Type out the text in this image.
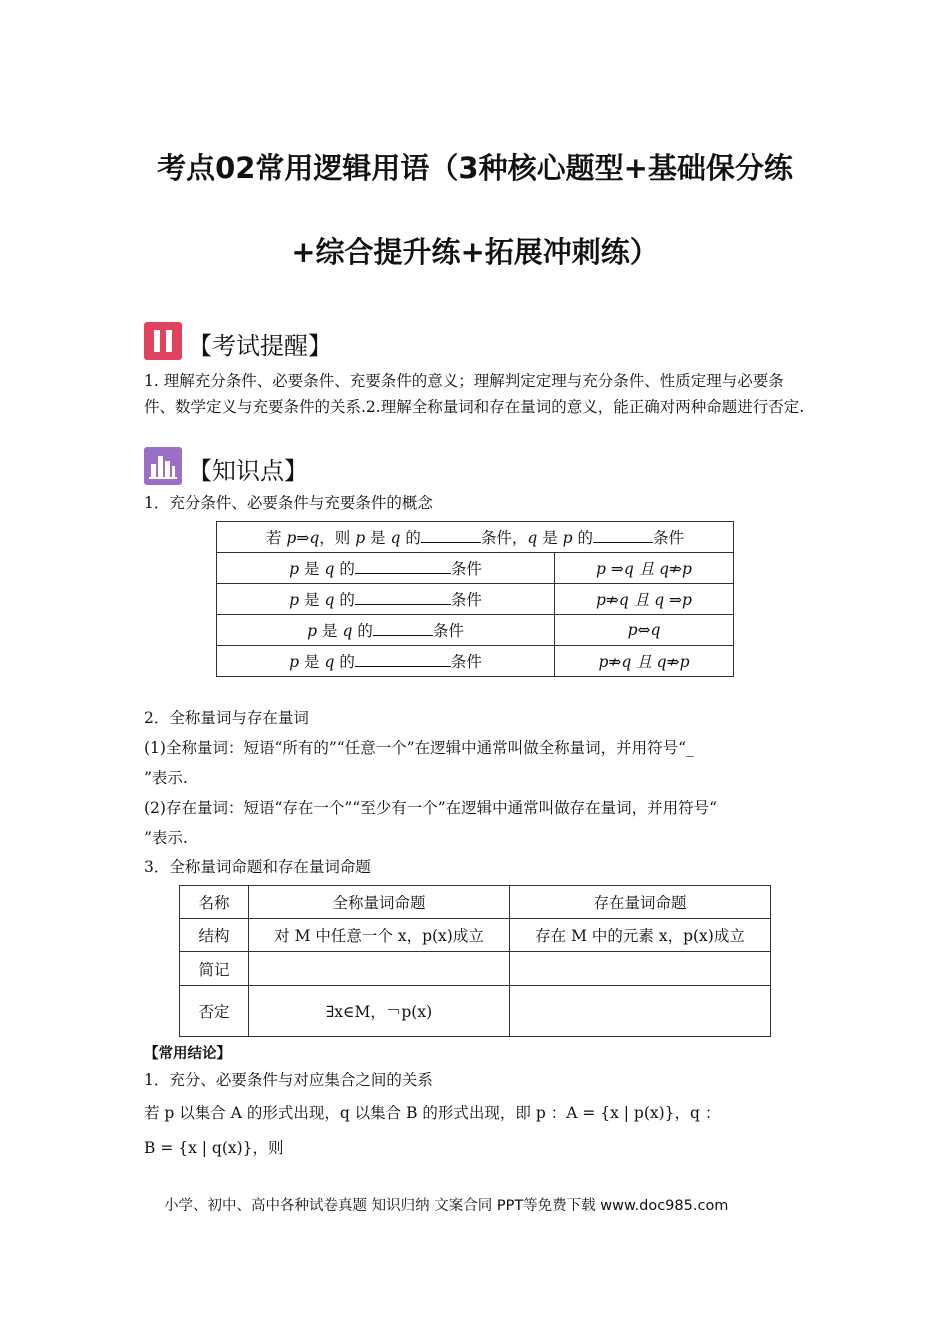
考点02常用逻辑用语（3种核心题型+基础保分练
+综合提升练+拓展冲刺练）
【考试提醒】
1. 理解充分条件、必要条件、充要条件的意义；理解判定定理与充分条件、性质定理与必要条件、数学定义与充要条件的关系.2.理解全称量词和存在量词的意义，能正确对两种命题进行否定.
【知识点】
1．充分条件、必要条件与充要条件的概念
若 p⇒q，则 p 是 q 的 条件，q 是 p 的 条件	
p 是 q 的 条件	p ⇒q 且 q⇏p
p 是 q 的 条件	p⇏q 且 q ⇒p
p 是 q 的 条件	p⇔q
p 是 q 的 条件	p⇏q 且 q⇏p
2．全称量词与存在量词
(1)全称量词：短语“所有的”“任意一个”在逻辑中通常叫做全称量词，并用符号“_
”表示.
(2)存在量词：短语“存在一个”“至少有一个”在逻辑中通常叫做存在量词，并用符号“
”表示.
3．全称量词命题和存在量词命题
名称	全称量词命题	存在量词命题
结构	对 M 中任意一个 x，p(x)成立	存在 M 中的元素 x，p(x)成立
简记		
否定	∃x∈M，￢p(x)	
【常用结论】
1．充分、必要条件与对应集合之间的关系
若 p 以集合 A 的形式出现，q 以集合 B 的形式出现，即 p ：A = {x | p(x)}，q ：
B = {x | q(x)}，则
小学、初中、高中各种试卷真题 知识归纳 文案合同 PPT等免费下载 www.doc985.com
